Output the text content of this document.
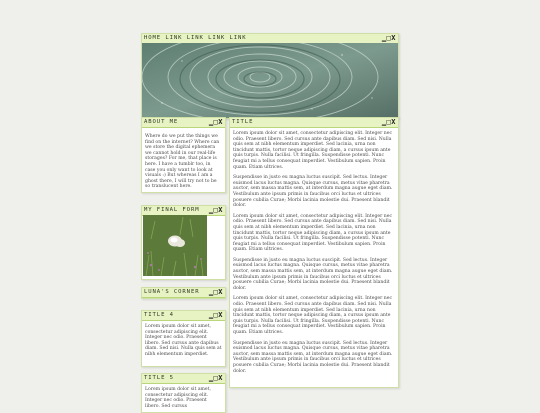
HOME LINK LINK LINK LINK	▁□X
ABOUT ME	▁□X
Where do we put the things we find on the internet? Where can we store the digital ephemera we cannot hold in our real-life storages? For me, that place is here. I have a tumblr too, in case you only want to look at visuals :) But whereas I am a ghost there, I will try not to be so translucent here.
MY FINAL FORM ▁□X
LUNA'S CORNER ▁□X
TITLE 4	▁□X
Lorem ipsum dolor sit amet, consectetur adipiscing elit. Integer nec odio. Praesent libero. Sed cursus ante dapibus diam. Sed nisi. Nulla quis sem at nibh elementum imperdiet.
TITLE 5	▁□X
Lorem ipsum dolor sit amet, consectetur adipiscing elit. Integer nec odio. Praesent libero. Sed cursus
TITLE	▁□X

Lorem ipsum dolor sit amet, consectetur adipiscing elit. Integer nec odio. Praesent libero. Sed cursus ante dapibus diam. Sed nisi. Nulla quis sem at nibh elementum imperdiet. Sed lacinia, urna non tincidunt mattis, tortor neque adipiscing diam, a cursus ipsum ante quis turpis. Nulla facilisi. Ut fringilla. Suspendisse potenti. Nunc feugiat mi a tellus consequat imperdiet. Vestibulum sapien. Proin quam. Etiam ultrices.

Suspendisse in justo eu magna luctus suscipit. Sed lectus. Integer euismod lacus luctus magna. Quisque cursus, metus vitae pharetra auctor, sem massa mattis sem, at interdum magna augue eget diam. Vestibulum ante ipsum primis in faucibus orci luctus et ultrices posuere cubilia Curae; Morbi lacinia molestie dui. Praesent blandit dolor.

Lorem ipsum dolor sit amet, consectetur adipiscing elit. Integer nec odio. Praesent libero. Sed cursus ante dapibus diam. Sed nisi. Nulla quis sem at nibh elementum imperdiet. Sed lacinia, urna non tincidunt mattis, tortor neque adipiscing diam, a cursus ipsum ante quis turpis. Nulla facilisi. Ut fringilla. Suspendisse potenti. Nunc feugiat mi a tellus consequat imperdiet. Vestibulum sapien. Proin quam. Etiam ultrices.

Suspendisse in justo eu magna luctus suscipit. Sed lectus. Integer euismod lacus luctus magna. Quisque cursus, metus vitae pharetra auctor, sem massa mattis sem, at interdum magna augue eget diam. Vestibulum ante ipsum primis in faucibus orci luctus et ultrices posuere cubilia Curae; Morbi lacinia molestie dui. Praesent blandit dolor.

Lorem ipsum dolor sit amet, consectetur adipiscing elit. Integer nec odio. Praesent libero. Sed cursus ante dapibus diam. Sed nisi. Nulla quis sem at nibh elementum imperdiet. Sed lacinia, urna non tincidunt mattis, tortor neque adipiscing diam, a cursus ipsum ante quis turpis. Nulla facilisi. Ut fringilla. Suspendisse potenti. Nunc feugiat mi a tellus consequat imperdiet. Vestibulum sapien. Proin quam. Etiam ultrices.

Suspendisse in justo eu magna luctus suscipit. Sed lectus. Integer euismod lacus luctus magna. Quisque cursus, metus vitae pharetra auctor, sem massa mattis sem, at interdum magna augue eget diam. Vestibulum ante ipsum primis in faucibus orci luctus et ultrices posuere cubilia Curae; Morbi lacinia molestie dui. Praesent blandit dolor.
